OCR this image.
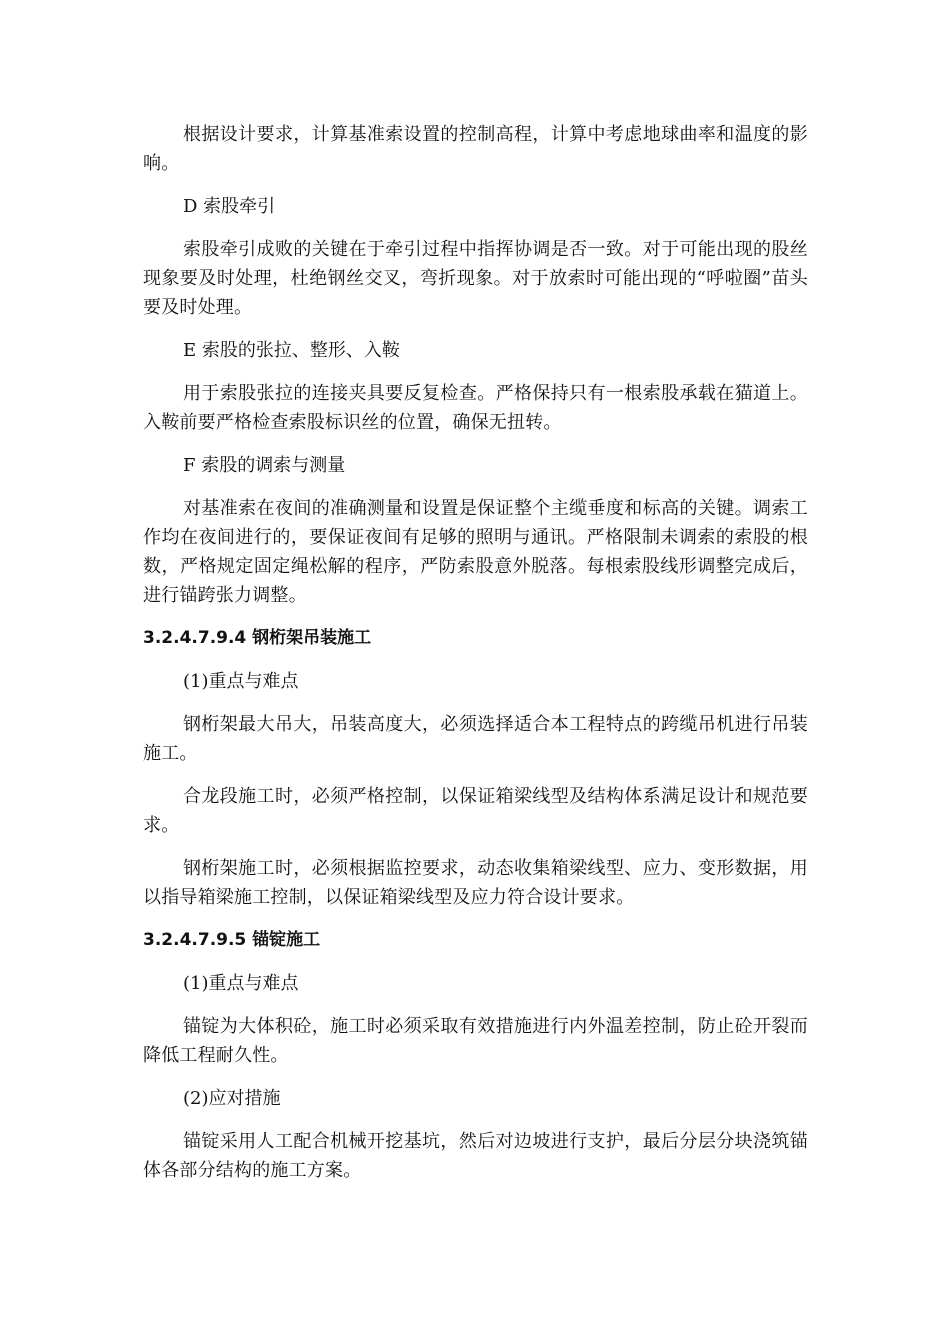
根据设计要求，计算基准索设置的控制高程，计算中考虑地球曲率和温度的影响。

D 索股牵引

索股牵引成败的关键在于牵引过程中指挥协调是否一致。对于可能出现的股丝现象要及时处理，杜绝钢丝交叉，弯折现象。对于放索时可能出现的“呼啦圈”苗头要及时处理。

E 索股的张拉、整形、入鞍

用于索股张拉的连接夹具要反复检查。严格保持只有一根索股承载在猫道上。入鞍前要严格检查索股标识丝的位置，确保无扭转。

F 索股的调索与测量

对基准索在夜间的准确测量和设置是保证整个主缆垂度和标高的关键。调索工作均在夜间进行的，要保证夜间有足够的照明与通讯。严格限制未调索的索股的根数，严格规定固定绳松解的程序，严防索股意外脱落。每根索股线形调整完成后，进行锚跨张力调整。

3.2.4.7.9.4 钢桁架吊装施工

(1)重点与难点

钢桁架最大吊大，吊装高度大，必须选择适合本工程特点的跨缆吊机进行吊装施工。

合龙段施工时，必须严格控制，以保证箱梁线型及结构体系满足设计和规范要求。

钢桁架施工时，必须根据监控要求，动态收集箱梁线型、应力、变形数据，用以指导箱梁施工控制，以保证箱梁线型及应力符合设计要求。

3.2.4.7.9.5 锚锭施工

(1)重点与难点

锚锭为大体积砼，施工时必须采取有效措施进行内外温差控制，防止砼开裂而降低工程耐久性。

(2)应对措施

锚锭采用人工配合机械开挖基坑，然后对边坡进行支护，最后分层分块浇筑锚体各部分结构的施工方案。
